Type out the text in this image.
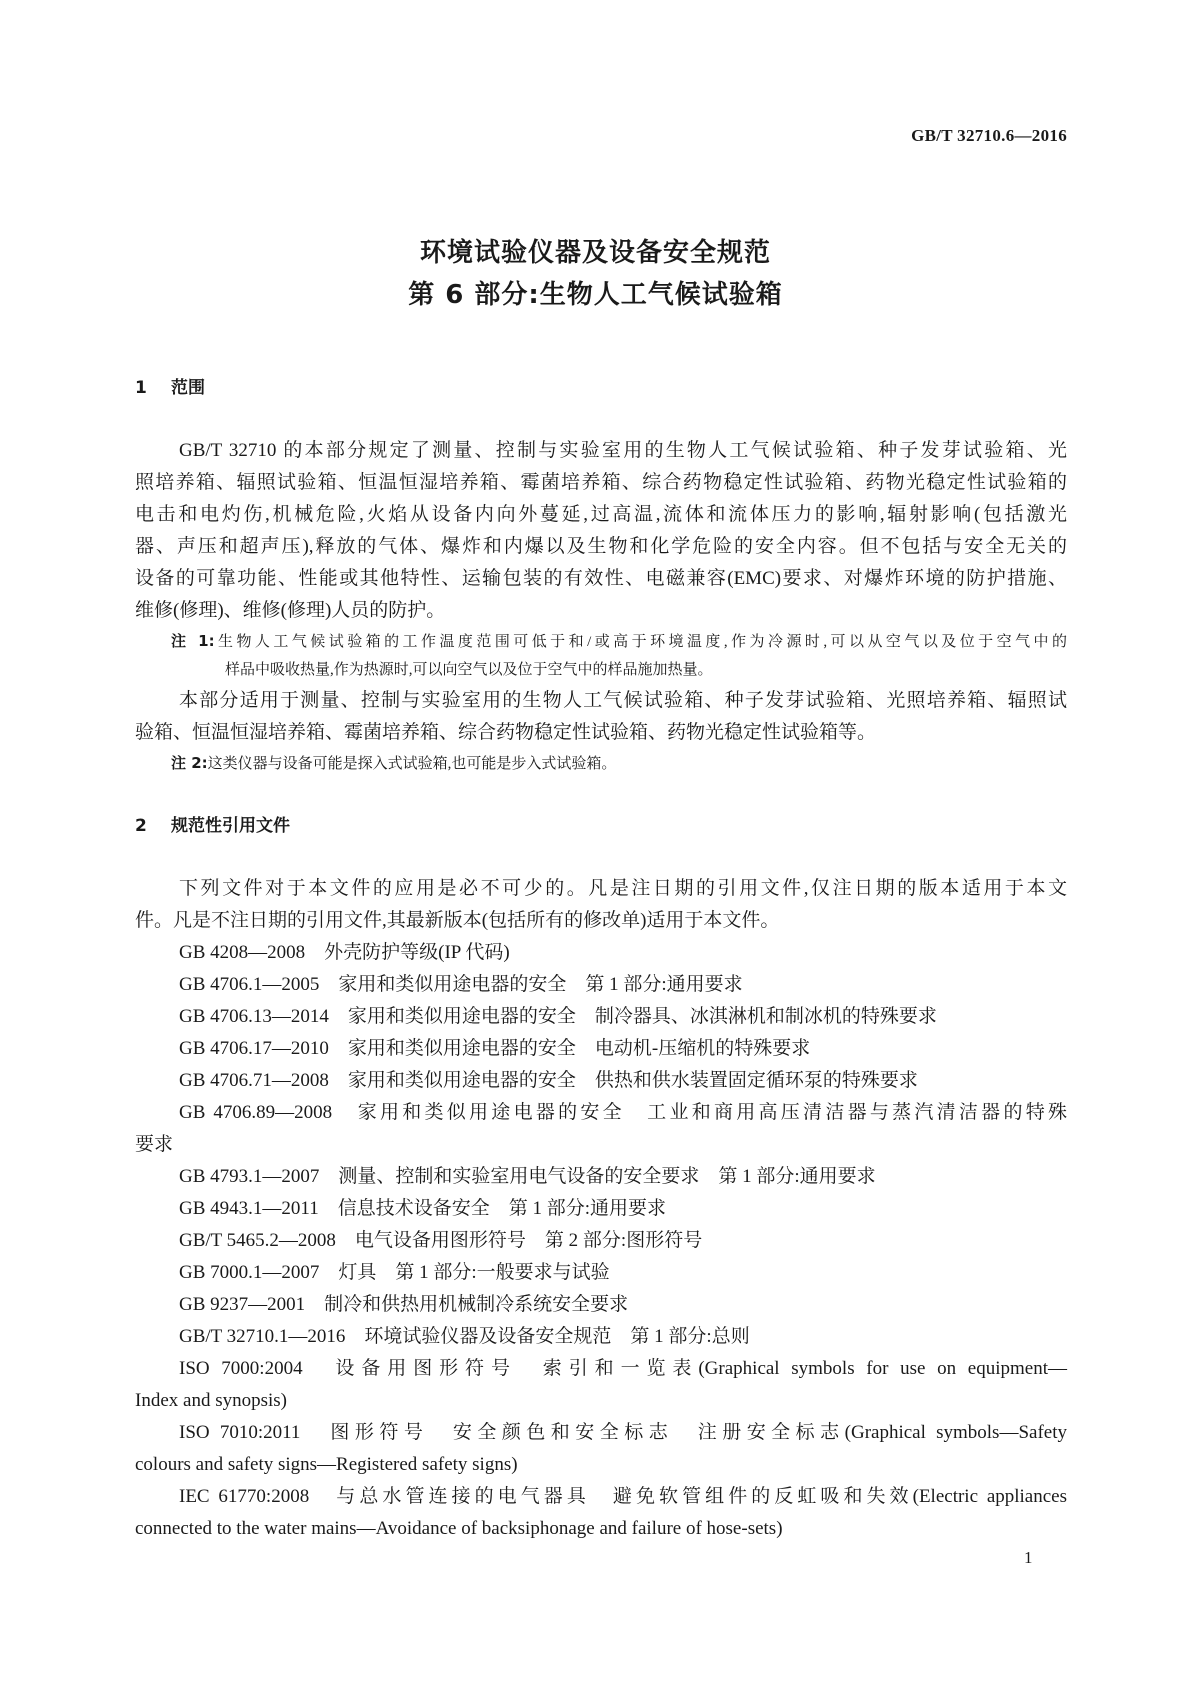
GB/T 32710.6—2016
环境试验仪器及设备安全规范
第 6 部分:生物人工气候试验箱
1 范围
GB/T 32710 的本部分规定了测量、控制与实验室用的生物人工气候试验箱、种子发芽试验箱、光
照培养箱、辐照试验箱、恒温恒湿培养箱、霉菌培养箱、综合药物稳定性试验箱、药物光稳定性试验箱的
电击和电灼伤,机械危险,火焰从设备内向外蔓延,过高温,流体和流体压力的影响,辐射影响(包括激光
器、声压和超声压),释放的气体、爆炸和内爆以及生物和化学危险的安全内容。但不包括与安全无关的
设备的可靠功能、性能或其他特性、运输包装的有效性、电磁兼容(EMC)要求、对爆炸环境的防护措施、
维修(修理)、维修(修理)人员的防护。
注 1:生物人工气候试验箱的工作温度范围可低于和/或高于环境温度,作为冷源时,可以从空气以及位于空气中的
样品中吸收热量,作为热源时,可以向空气以及位于空气中的样品施加热量。
本部分适用于测量、控制与实验室用的生物人工气候试验箱、种子发芽试验箱、光照培养箱、辐照试
验箱、恒温恒湿培养箱、霉菌培养箱、综合药物稳定性试验箱、药物光稳定性试验箱等。
注 2:这类仪器与设备可能是探入式试验箱,也可能是步入式试验箱。
2 规范性引用文件
下列文件对于本文件的应用是必不可少的。凡是注日期的引用文件,仅注日期的版本适用于本文
件。凡是不注日期的引用文件,其最新版本(包括所有的修改单)适用于本文件。
GB 4208—2008　外壳防护等级(IP 代码)
GB 4706.1—2005　家用和类似用途电器的安全　第 1 部分:通用要求
GB 4706.13—2014　家用和类似用途电器的安全　制冷器具、冰淇淋机和制冰机的特殊要求
GB 4706.17—2010　家用和类似用途电器的安全　电动机-压缩机的特殊要求
GB 4706.71—2008　家用和类似用途电器的安全　供热和供水装置固定循环泵的特殊要求
GB 4706.89—2008　家用和类似用途电器的安全　工业和商用高压清洁器与蒸汽清洁器的特殊
要求
GB 4793.1—2007　测量、控制和实验室用电气设备的安全要求　第 1 部分:通用要求
GB 4943.1—2011　信息技术设备安全　第 1 部分:通用要求
GB/T 5465.2—2008　电气设备用图形符号　第 2 部分:图形符号
GB 7000.1—2007　灯具　第 1 部分:一般要求与试验
GB 9237—2001　制冷和供热用机械制冷系统安全要求
GB/T 32710.1—2016　环境试验仪器及设备安全规范　第 1 部分:总则
ISO 7000:2004　设备用图形符号　索引和一览表(Graphical symbols for use on equipment—
Index and synopsis)
ISO 7010:2011　图形符号　安全颜色和安全标志　注册安全标志(Graphical symbols—Safety
colours and safety signs—Registered safety signs)
IEC 61770:2008　与总水管连接的电气器具　避免软管组件的反虹吸和失效(Electric appliances
connected to the water mains—Avoidance of backsiphonage and failure of hose-sets)
1
